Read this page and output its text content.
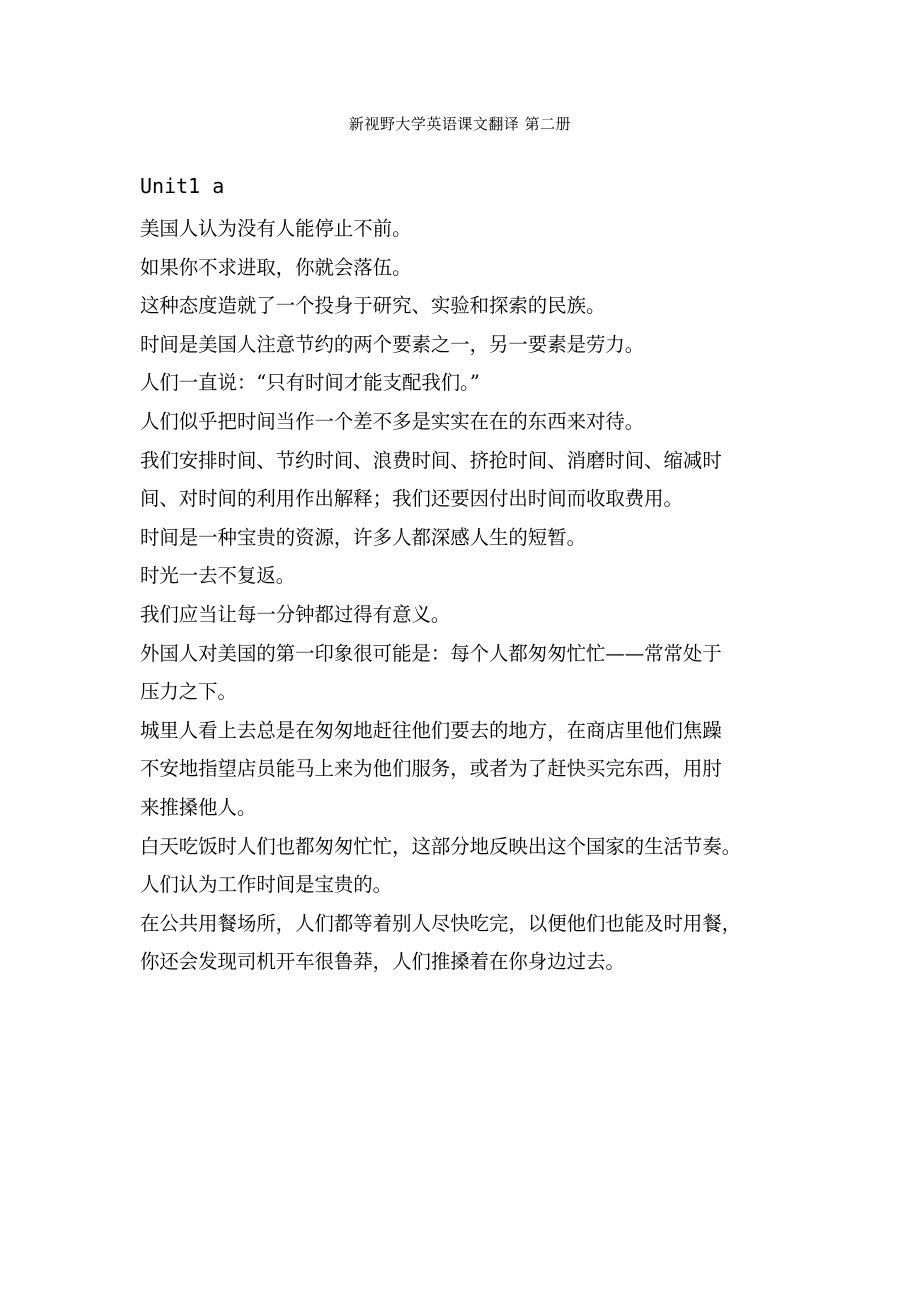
新视野大学英语课文翻译 第二册
Unit1 a
美国人认为没有人能停止不前。
如果你不求进取，你就会落伍。
这种态度造就了一个投身于研究、实验和探索的民族。
时间是美国人注意节约的两个要素之一，另一要素是劳力。
人们一直说：“只有时间才能支配我们。”
人们似乎把时间当作一个差不多是实实在在的东西来对待。
我们安排时间、节约时间、浪费时间、挤抢时间、消磨时间、缩减时
间、对时间的利用作出解释；我们还要因付出时间而收取费用。
时间是一种宝贵的资源，许多人都深感人生的短暂。
时光一去不复返。
我们应当让每一分钟都过得有意义。
外国人对美国的第一印象很可能是：每个人都匆匆忙忙——常常处于
压力之下。
城里人看上去总是在匆匆地赶往他们要去的地方，在商店里他们焦躁
不安地指望店员能马上来为他们服务，或者为了赶快买完东西，用肘
来推搡他人。
白天吃饭时人们也都匆匆忙忙，这部分地反映出这个国家的生活节奏。
人们认为工作时间是宝贵的。
在公共用餐场所，人们都等着别人尽快吃完，以便他们也能及时用餐，
你还会发现司机开车很鲁莽，人们推搡着在你身边过去。
